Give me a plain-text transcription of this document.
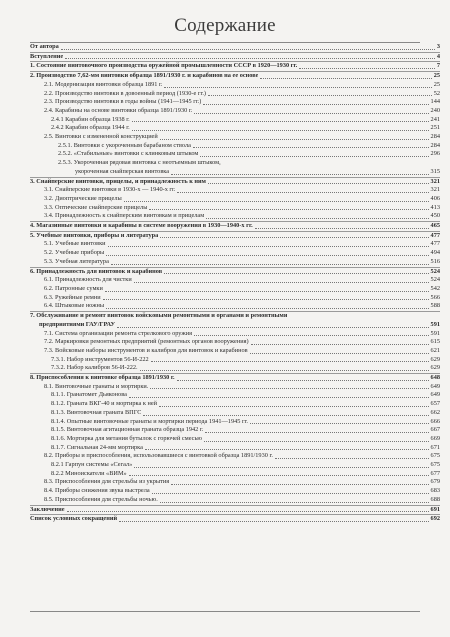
Содержание
От автора	3
Вступление	4
1. Состояние винтовочного производства оружейной промышленности СССР в 1920—1930 гг.	7
2. Производство 7,62-мм винтовки образца 1891/1930 г. и карабинов на ее основе	25
2.1. Модернизация винтовки образца 1891 г.	25
2.2. Производство винтовки в довоенный период (1930-е гг.)	52
2.3. Производство винтовки в годы войны (1941—1945 гг.)	144
2.4. Карабины на основе винтовки образца 1891/1930 г.	240
2.4.1 Карабин образца 1938 г.	241
2.4.2 Карабин образца 1944 г.	251
2.5. Винтовки с измененной конструкцией	284
2.5.1. Винтовки с укороченным барабаном ствола	284
2.5.2. «Стабильные» винтовки с клинковым штыком	296
2.5.3. Укороченная рядовая винтовка с неотъемным штыком,
укороченная снайперская винтовка	315
3. Снайперские винтовки, прицелы, и принадлежность к ним	321
3.1. Снайперские винтовки в 1930-х — 1940-х гг.	321
3.2. Диоптрические прицелы	406
3.3. Оптические снайперские прицелы	413
3.4. Принадлежность к снайперским винтовкам и прицелам	450
4. Магазинные винтовки и карабины в системе вооружения в 1930—1940-х гг.	465
5. Учебные винтовки, приборы и литература	477
5.1. Учебные винтовки	477
5.2. Учебные приборы	494
5.3. Учебная литература	516
6. Принадлежность для винтовок и карабинов	524
6.1. Принадлежность для чистки	524
6.2. Патронные сумки	542
6.3. Ружейные ремни	566
6.4. Штыковые ножны	588
7. Обслуживание и ремонт винтовок войсковыми ремонтными и органами и ремонтными
предприятиями ГАУ/ГРАУ	591
7.1. Система организации ремонта стрелкового оружия	591
7.2. Маркировки ремонтных предприятий (ремонтных органов вооружения)	615
7.3. Войсковые наборы инструментов и калибров для винтовок и карабинов	621
7.3.1. Набор инструментов 56-И-222	629
7.3.2. Набор калибров 56-И-222.	629
8. Приспособления к винтовке образца 1891/1930 г.	648
8.1. Винтовочные гранаты и мортирки.	649
8.1.1. Гранатомет Дьяконова	649
8.1.2. Граната ВКГ-40 и мортирка к ней	657
8.1.3. Винтовочная граната ВПГС	662
8.1.4. Опытные винтовочные гранаты и мортирки периода 1941—1945 гг.	666
8.1.5. Винтовочная агитационная граната образца 1942 г.	667
8.1.6. Мортирка для метания бутылок с горючей смесью	669
8.1.7. Сигнальная 24-мм мортирка	671
8.2. Приборы и приспособления, использовавшиеся с винтовкой образца 1891/1930 г.	675
8.2.1 Гарпун системы «Сегал»	675
8.2.2 Миноискатели «ВИМ»	677
8.3. Приспособления для стрельбы из укрытия	679
8.4. Приборы снижения звука выстрела	683
8.5. Приспособления для стрельбы ночью.	688
Заключение	691
Список условных сокращений	692
